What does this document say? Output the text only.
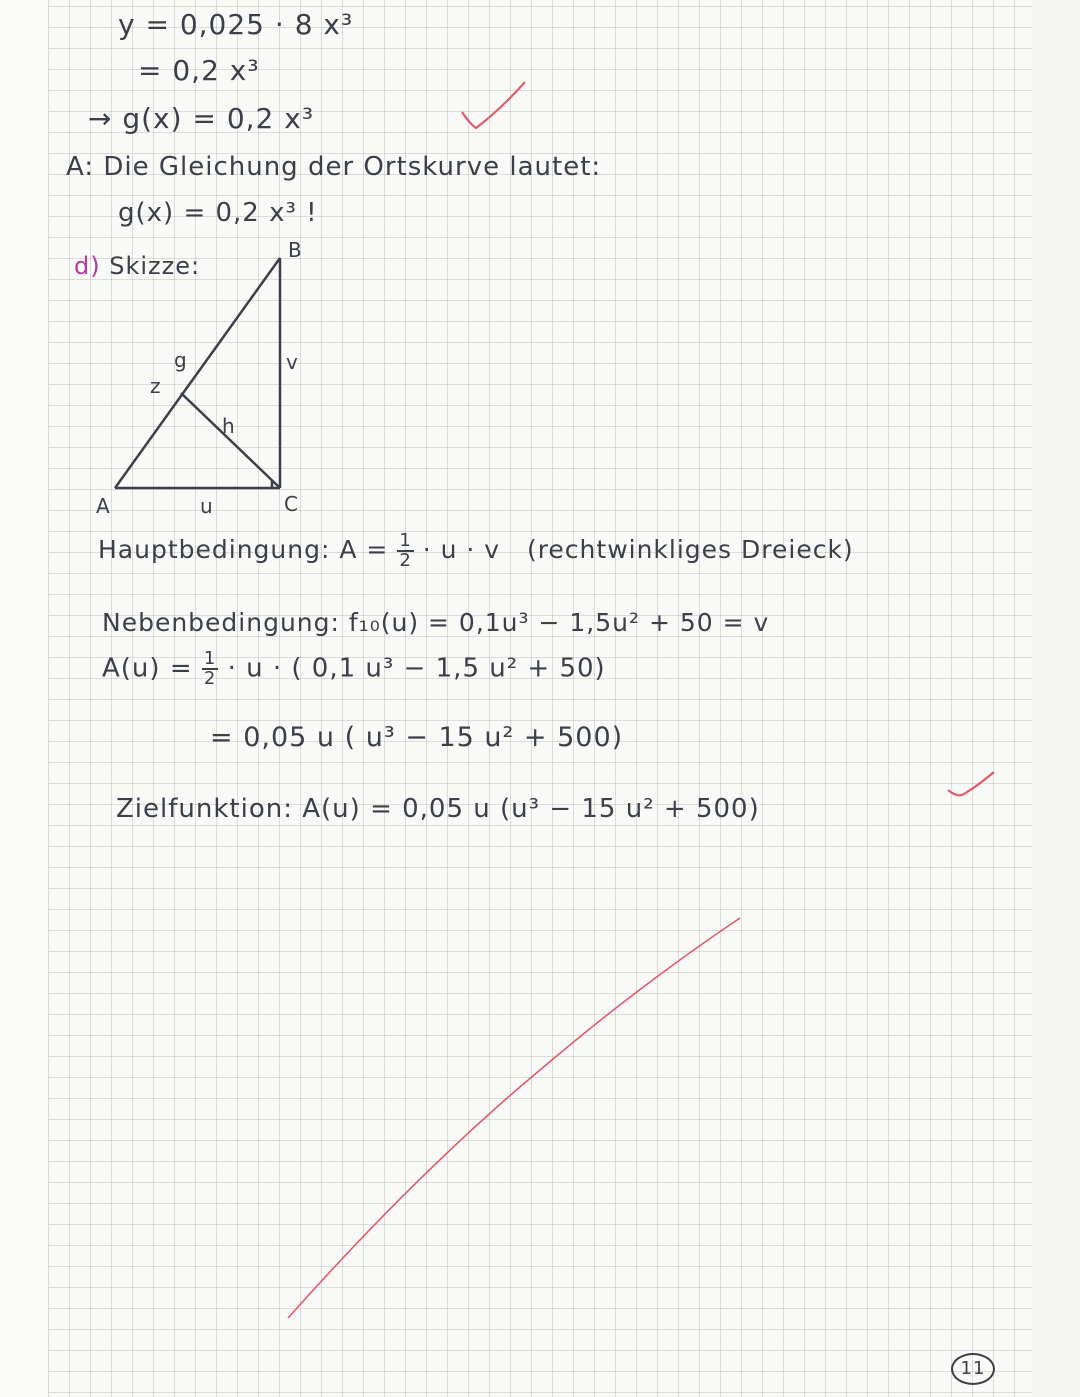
y = 0,025 · 8 x³
= 0,2 x³
→ g(x) = 0,2 x³
A: Die Gleichung der Ortskurve lautet:
g(x) = 0,2 x³ !
d) Skizze:
B
v
g
z
h
A	u	C
Hauptbedingung: $A = \frac{1}{2} \cdot u \cdot v$ (rechtwinkliges Dreieck)
Nebenbedingung: f₁₀(u) = 0,1u³ − 1,5u² + 50 = v
$A(u) = \frac{1}{2} \cdot u$ · ( 0,1 u³ − 1,5 u² + 50)
= 0,05 u ( u³ − 15 u² + 500)
Zielfunktion: A(u) = 0,05 u (u³ − 15 u² + 500)
11
